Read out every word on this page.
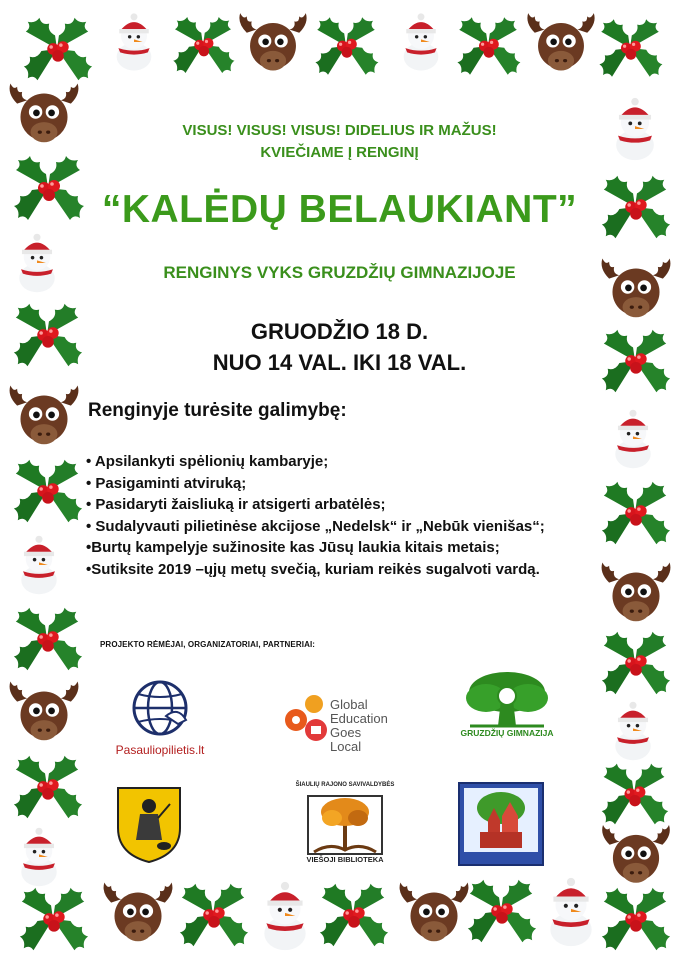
VISUS! VISUS! VISUS! DIDELIUS IR MAŽUS!
KVIEČIAME Į RENGINĮ
“KALĖDŲ BELAUKIANT”
RENGINYS VYKS GRUZDŽIŲ GIMNAZIJOJE
GRUODŽIO 18 D.
NUO 14 VAL. IKI 18 VAL.
Renginyje turėsite galimybę:
• Apsilankyti spėlionių kambaryje;
• Pasigaminti atviruką;
• Pasidaryti žaisliuką ir atsigerti arbatėlės;
• Sudalyvauti pilietinėse akcijose „Nedelsk“ ir „Nebūk vienišas“;
•Burtų kampelyje sužinosite kas Jūsų laukia kitais metais;
•Sutiksite 2019 –ųjų metų svečią, kuriam reikės sugalvoti vardą.
PROJEKTO RĖMĖJAI, ORGANIZATORIAI, PARTNERIAI:
Pasauliopilietis.lt
Global
Education
Goes
Local
GRUZDŽIŲ GIMNAZIJA
ŠIAULIŲ RAJONO SAVIVALDYBĖS
VIEŠOJI BIBLIOTEKA
